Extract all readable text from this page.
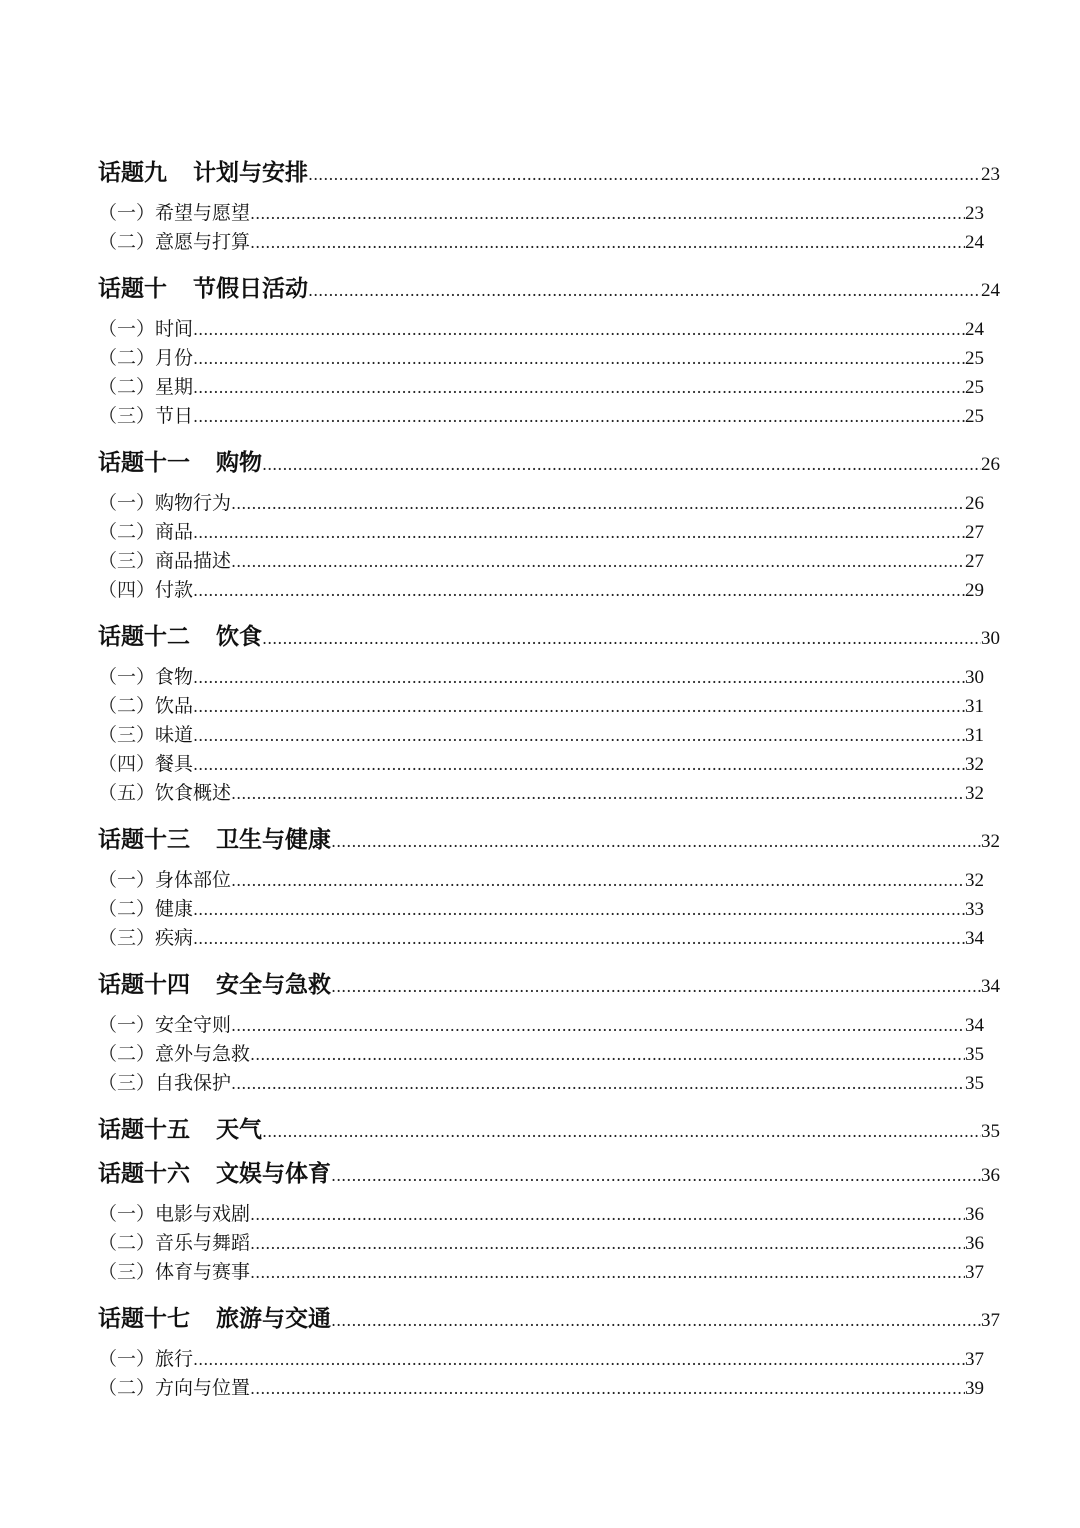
话题九 计划与安排 .....	23
（一）希望与愿望 .....	23
（二）意愿与打算 .....	24
话题十 节假日活动 .....	24
（一）时间 .....	24
（二）月份 .....	25
（二）星期 .....	25
（三）节日 .....	25
话题十一 购物 .....	26
（一）购物行为 .....	26
（二）商品 .....	27
（三）商品描述 .....	27
（四）付款 .....	29
话题十二 饮食 .....	30
（一）食物 .....	30
（二）饮品 .....	31
（三）味道 .....	31
（四）餐具 .....	32
（五）饮食概述 .....	32
话题十三 卫生与健康 .....	32
（一）身体部位 .....	32
（二）健康 .....	33
（三）疾病 .....	34
话题十四 安全与急救 .....	34
（一）安全守则 .....	34
（二）意外与急救 .....	35
（三）自我保护 .....	35
话题十五 天气 .....	35
话题十六 文娱与体育 .....	36
（一）电影与戏剧 .....	36
（二）音乐与舞蹈 .....	36
（三）体育与赛事 .....	37
话题十七 旅游与交通 .....	37
（一）旅行 .....	37
（二）方向与位置 .....	39
